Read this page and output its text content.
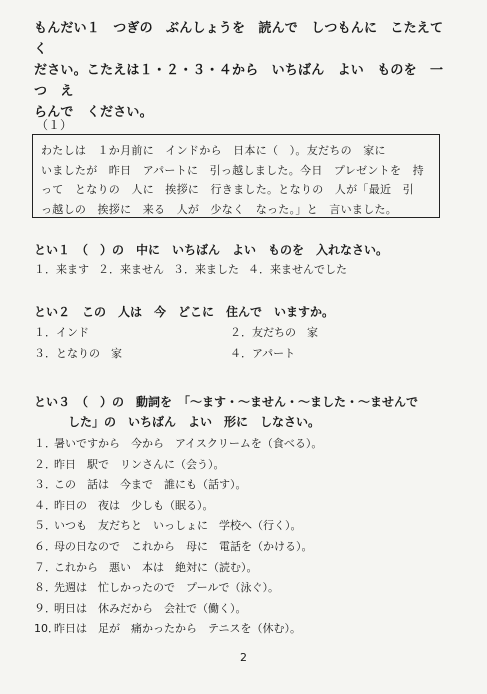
もんだい１　つぎの　ぶんしょうを　読んで　しつもんに　こたえて　く

ださい。こたえは１・２・３・４から　いちばん　よい　ものを　一つ　え

らんで　ください。

（１）

わたしは　１か月前に　インドから　日本に（　）。友だちの　家に

いましたが　昨日　アパートに　引っ越しました。今日　プレゼントを　持

って　となりの　人に　挨拶に　行きました。となりの　人が「最近　引

っ越しの　挨拶に　来る　人が　少なく　なった。」と　言いました。

とい１　（　）の　中に　いちばん　よい　ものを　入れなさい。

１．来ます ２．来ません ３．来ました ４．来ませんでした

とい２　この　人は　今　どこに　住んで　いますか。

１．インド	２．友だちの　家
３．となりの　家	４．アパート

とい３　（　）の　動詞を　「～ます・～ません・～ました・～ませんで

した」の　いちばん　よい　形に　しなさい。

１．暑いですから　今から　アイスクリームを（食べる）。
２．昨日　駅で　リンさんに（会う）。
３．この　話は　今まで　誰にも（話す）。
４．昨日の　夜は　少しも（眠る）。
５．いつも　友だちと　いっしょに　学校へ（行く）。
６．母の日なので　これから　母に　電話を（かける）。
７．これから　悪い　本は　絶対に（読む）。
８．先週は　忙しかったので　プールで（泳ぐ）。
９．明日は　休みだから　会社で（働く）。
10．昨日は　足が　痛かったから　テニスを（休む）。
2
